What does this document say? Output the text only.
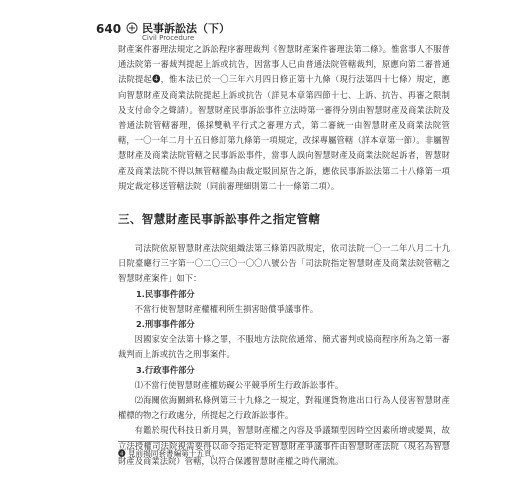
640 民事訴訟法（下）
Civil Procedure

財產案件審理法規定之訴訟程序審理裁判《智慧財產案件審理法第二條》。惟當事人不服普通法院第一審裁判提起上訴或抗告，因當事人已由普通法院管轄裁判，原應向第二審普通法院提起❹，惟本法已於一〇三年六月四日修正第十九條（現行法第四十七條）規定，應向智慧財產及商業法院提起上訴或抗告（詳見本章第四節十七、上訴、抗告、再審之限制及支付命令之聲請）。智慧財產民事訴訟事件立法時第一審得分別由智慧財產及商業法院及普通法院管轄審理，係採雙軌平行式之審理方式，第二審統一由智慧財產及商業法院管轄，一〇一年二月十五日修訂第九條第一項規定，改採專屬管轄（詳本章第一節）。非屬智慧財產及商業法院管轄之民事訴訟事件，當事人誤向智慧財產及商業法院起訴者，智慧財產及商業法院不得以無管轄權為由裁定駁回原告之訴，應依民事訴訟法第二十八條第一項規定裁定移送管轄法院（同前審理細則第二十一條第二項）。

三、智慧財產民事訴訟事件之指定管轄

司法院依原智慧財產法院組織法第三條第四款規定，依司法院一〇一二年八月二十九日院臺廳行三字第一〇二〇三〇一〇〇八號公告「司法院指定智慧財產及商業法院管轄之智慧財產案件」如下：

1.民事事件部分

不當行使智慧財產權權利所生損害賠償爭議事件。

2.刑事事件部分

因國家安全法第十條之罪，不服地方法院依通常、簡式審判或協商程序所為之第一審裁判而上訴或抗告之刑事案件。

3.行政事件部分

⑴不當行使智慧財產權妨礙公平競爭所生行政訴訟事件。

⑵海關依海關緝私條例第三十九條之一規定，對報運貨物進出口行為人侵害智慧財產權標的物之行政處分，所提起之行政訴訟事件。

有鑑於現代科技日新月異，智慧財產權之內容及爭議類型因時空因素所增或變異，故立法授權司法院視需要得以命令指定特定智慧財產爭議事件由智慧財產法院（現名為智慧財產及商業法院）管轄，以符合保護智慧財產權之時代潮流。

❹ 見前揭同套書編第十五頁。
